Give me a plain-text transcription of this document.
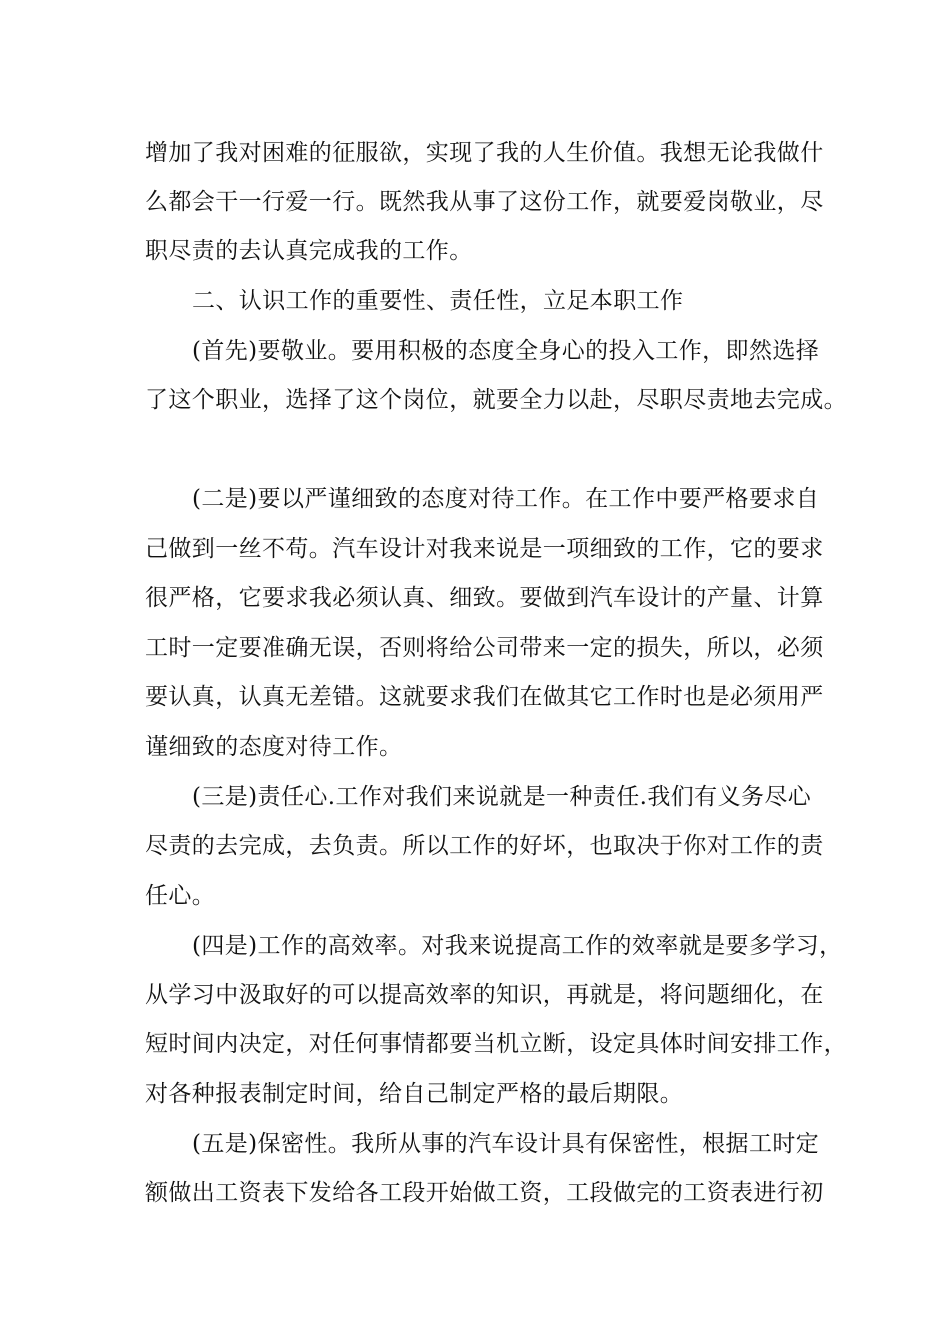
增加了我对困难的征服欲，实现了我的人生价值。我想无论我做什
么都会干一行爱一行。既然我从事了这份工作，就要爱岗敬业，尽
职尽责的去认真完成我的工作。
二、认识工作的重要性、责任性，立足本职工作
(首先)要敬业。要用积极的态度全身心的投入工作，即然选择
了这个职业，选择了这个岗位，就要全力以赴，尽职尽责地去完成。
(二是)要以严谨细致的态度对待工作。在工作中要严格要求自
己做到一丝不苟。汽车设计对我来说是一项细致的工作，它的要求
很严格，它要求我必须认真、细致。要做到汽车设计的产量、计算
工时一定要准确无误，否则将给公司带来一定的损失，所以，必须
要认真，认真无差错。这就要求我们在做其它工作时也是必须用严
谨细致的态度对待工作。
(三是)责任心.工作对我们来说就是一种责任.我们有义务尽心
尽责的去完成，去负责。所以工作的好坏，也取决于你对工作的责
任心。
(四是)工作的高效率。对我来说提高工作的效率就是要多学习，
从学习中汲取好的可以提高效率的知识，再就是，将问题细化，在
短时间内决定，对任何事情都要当机立断，设定具体时间安排工作，
对各种报表制定时间，给自己制定严格的最后期限。
(五是)保密性。我所从事的汽车设计具有保密性，根据工时定
额做出工资表下发给各工段开始做工资，工段做完的工资表进行初
